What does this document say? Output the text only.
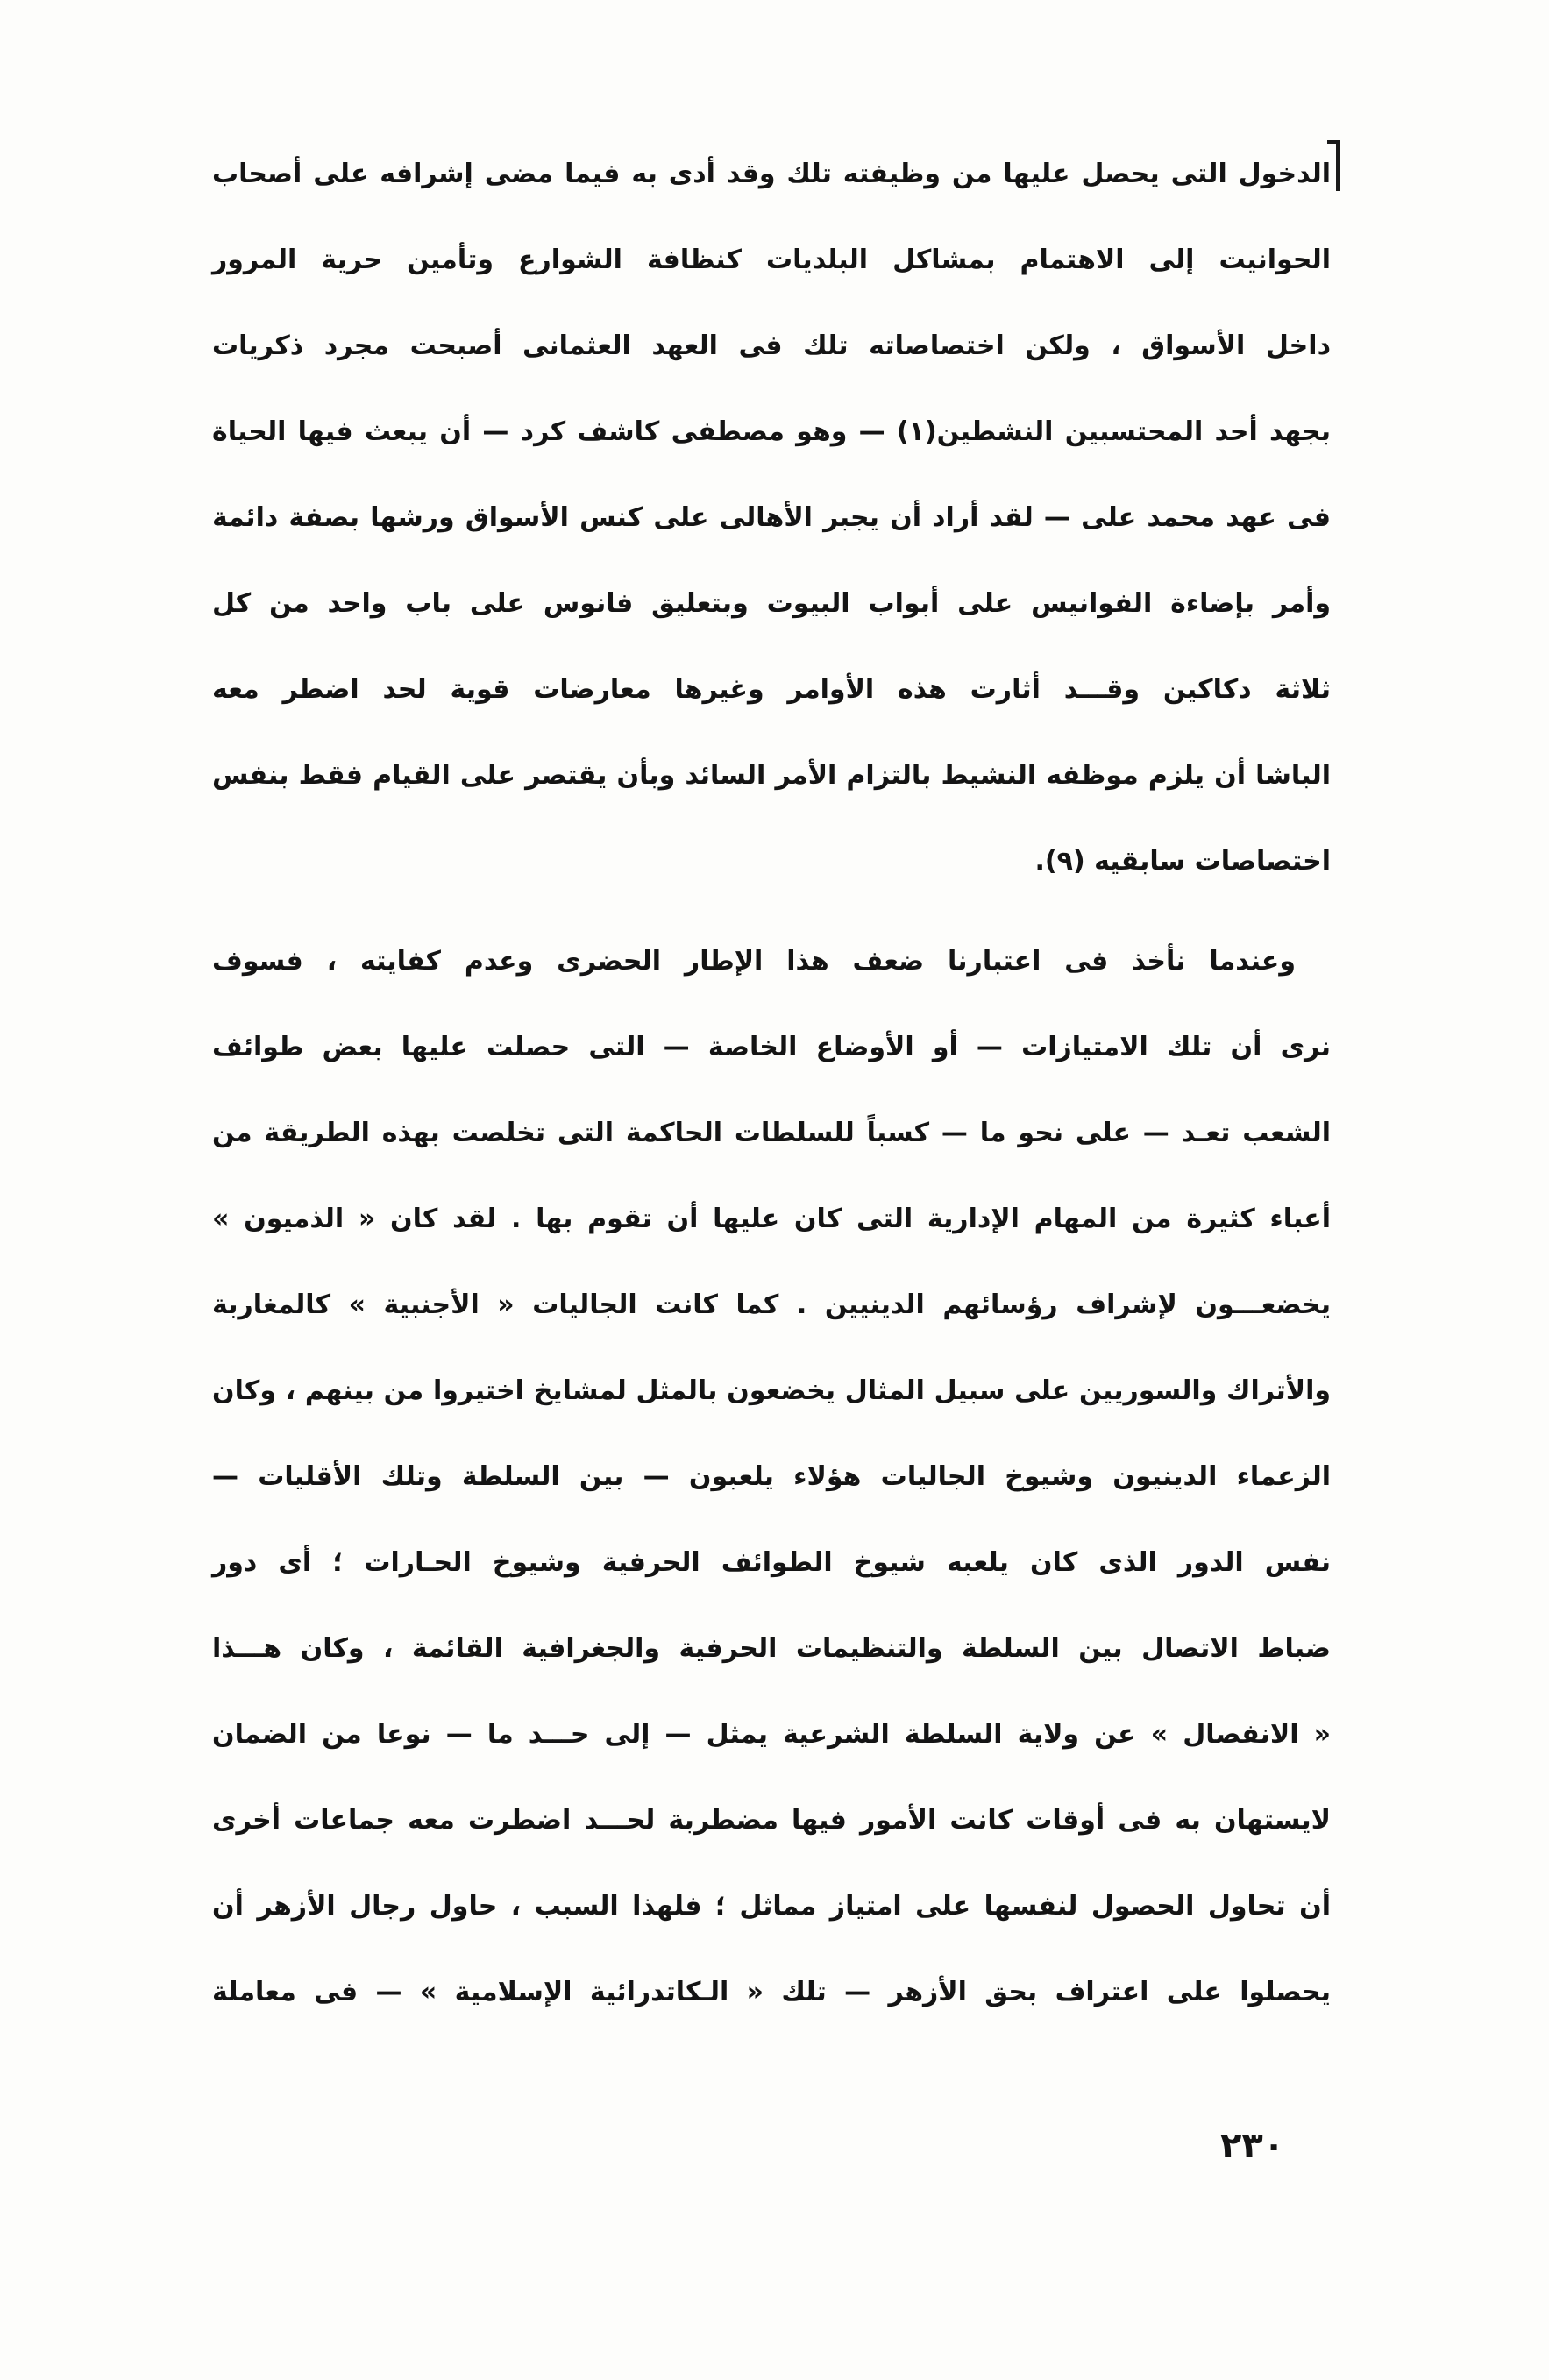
الدخول التى يحصل عليها من وظيفته تلك وقد أدى به فيما مضى إشرافه على أصحاب
الحوانيت إلى الاهتمام بمشاكل البلديات كنظافة الشوارع وتأمين حرية المرور
داخل الأسواق ، ولكن اختصاصاته تلك فى العهد العثمانى أصبحت مجرد ذكريات
بجهد أحد المحتسبين النشطين(١) — وهو مصطفى كاشف كرد — أن يبعث فيها الحياة
فى عهد محمد على — لقد أراد أن يجبر الأهالى على كنس الأسواق ورشها بصفة دائمة
وأمر بإضاءة الفوانيس على أبواب البيوت وبتعليق فانوس على باب واحد من كل
ثلاثة دكاكين وقـــد أثارت هذه الأوامر وغيرها معارضات قوية لحد اضطر معه
الباشا أن يلزم موظفه النشيط بالتزام الأمر السائد وبأن يقتصر على القيام فقط بنفس
اختصاصات سابقيه (٩).
وعندما نأخذ فى اعتبارنا ضعف هذا الإطار الحضرى وعدم كفايته ، فسوف
نرى أن تلك الامتيازات — أو الأوضاع الخاصة — التى حصلت عليها بعض طوائف
الشعب تعـد — على نحو ما — كسباً للسلطات الحاكمة التى تخلصت بهذه الطريقة من
أعباء كثيرة من المهام الإدارية التى كان عليها أن تقوم بها . لقد كان « الذميون »
يخضعـــون لإشراف رؤسائهم الدينيين . كما كانت الجاليات « الأجنبية » كالمغاربة
والأتراك والسوريين على سبيل المثال يخضعون بالمثل لمشايخ اختيروا من بينهم ، وكان
الزعماء الدينيون وشيوخ الجاليات هؤلاء يلعبون — بين السلطة وتلك الأقليات —
نفس الدور الذى كان يلعبه شيوخ الطوائف الحرفية وشيوخ الحـارات ؛ أى دور
ضباط الاتصال بين السلطة والتنظيمات الحرفية والجغرافية القائمة ، وكان هـــذا
« الانفصال » عن ولاية السلطة الشرعية يمثل — إلى حـــد ما — نوعا من الضمان
لايستهان به فى أوقات كانت الأمور فيها مضطربة لحـــد اضطرت معه جماعات أخرى
أن تحاول الحصول لنفسها على امتياز مماثل ؛ فلهذا السبب ، حاول رجال الأزهر أن
يحصلوا على اعتراف بحق الأزهر — تلك « الـكاتدرائية الإسلامية » — فى معاملة
٢٣٠
